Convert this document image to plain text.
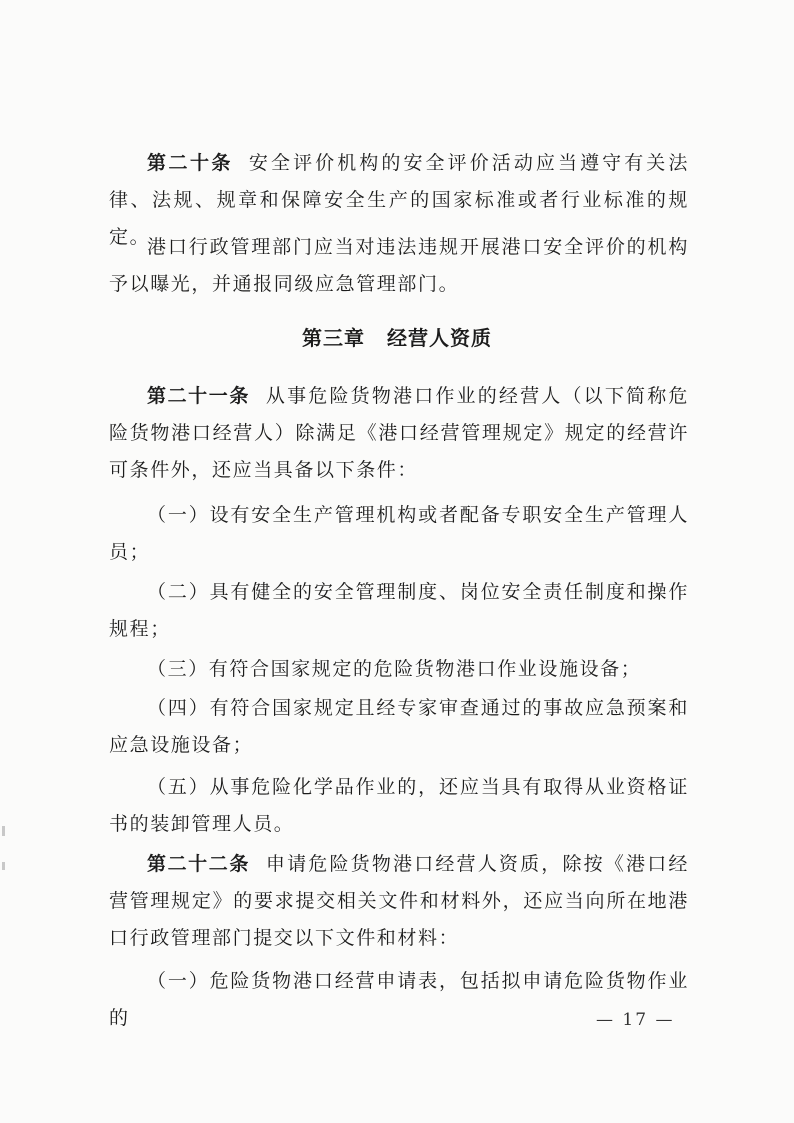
第二十条 安全评价机构的安全评价活动应当遵守有关法律、法规、规章和保障安全生产的国家标准或者行业标准的规定。

港口行政管理部门应当对违法违规开展港口安全评价的机构予以曝光，并通报同级应急管理部门。

第三章 经营人资质

第二十一条 从事危险货物港口作业的经营人（以下简称危险货物港口经营人）除满足《港口经营管理规定》规定的经营许可条件外，还应当具备以下条件：

（一）设有安全生产管理机构或者配备专职安全生产管理人员；

（二）具有健全的安全管理制度、岗位安全责任制度和操作规程；

（三）有符合国家规定的危险货物港口作业设施设备；

（四）有符合国家规定且经专家审查通过的事故应急预案和应急设施设备；

（五）从事危险化学品作业的，还应当具有取得从业资格证书的装卸管理人员。

第二十二条 申请危险货物港口经营人资质，除按《港口经营管理规定》的要求提交相关文件和材料外，还应当向所在地港口行政管理部门提交以下文件和材料：

（一）危险货物港口经营申请表，包括拟申请危险货物作业的	— 17 —
